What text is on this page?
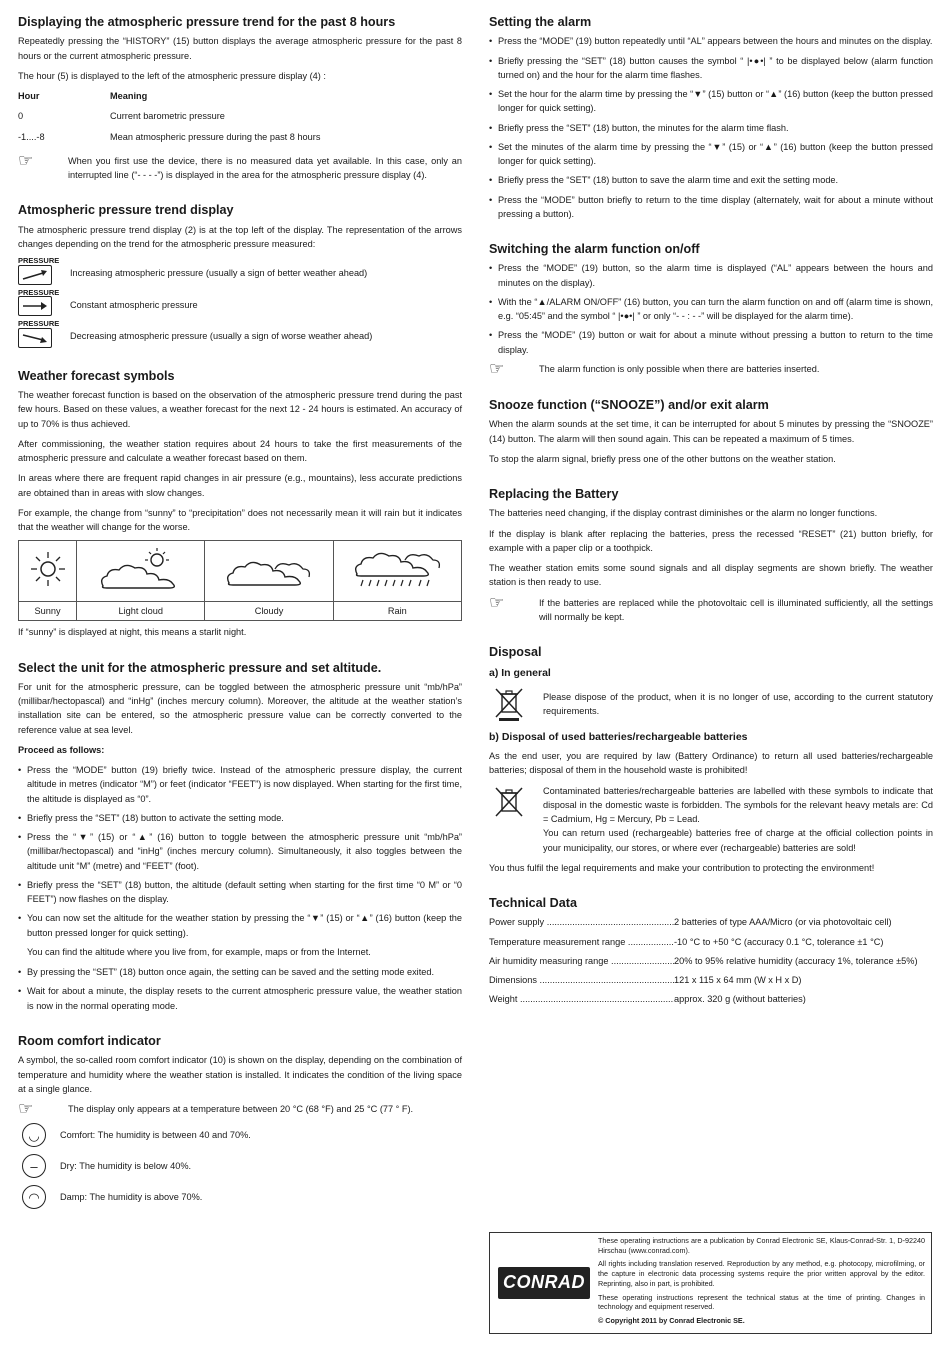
Displaying the atmospheric pressure trend for the past 8 hours

Repeatedly pressing the “HISTORY” (15) button displays the average atmospheric pressure for the past 8 hours or the current atmospheric pressure.

The hour (5) is displayed to the left of the atmospheric pressure display (4) :

Hour	Meaning
0	Current barometric pressure
-1....-8	Mean atmospheric pressure during the past 8 hours
☞	When you first use the device, there is no measured data yet available. In this case, only an interrupted line (“- - - -”) is displayed in the area for the atmospheric pressure display (4).

Atmospheric pressure trend display

The atmospheric pressure trend display (2) is at the top left of the display. The representation of the arrows changes depending on the trend for the atmospheric pressure measured:

PRESSURE
Increasing atmospheric pressure (usually a sign of better weather ahead)
PRESSURE
Constant atmospheric pressure
PRESSURE
Decreasing atmospheric pressure (usually a sign of worse weather ahead)
Weather forecast symbols

The weather forecast function is based on the observation of the atmospheric pressure trend during the past few hours. Based on these values, a weather forecast for the next 12 - 24 hours is estimated. An accuracy of up to 70% is thus achieved.

After commissioning, the weather station requires about 24 hours to take the first measurements of the atmospheric pressure and calculate a weather forecast based on them.

In areas where there are frequent rapid changes in air pressure (e.g., mountains), less accurate predictions are obtained than in areas with slow changes.

For example, the change from “sunny” to “precipitation” does not necessarily mean it will rain but it indicates that the weather will change for the worse.

Sunny	Light cloud	Cloudy	Rain

If “sunny” is displayed at night, this means a starlit night.

Select the unit for the atmospheric pressure and set altitude.

For unit for the atmospheric pressure, can be toggled between the atmospheric pressure unit “mb/hPa” (millibar/hectopascal) and “inHg” (inches mercury column). Moreover, the altitude at the weather station’s installation site can be entered, so the atmospheric pressure value can be correctly converted to the reference value at sea level.

Proceed as follows:

• Press the “MODE” button (19) briefly twice. Instead of the atmospheric pressure display, the current altitude in metres (indicator “M”) or feet (indicator “FEET”) is now displayed. When starting for the first time, the altitude is displayed as “0”.
• Briefly press the “SET” (18) button to activate the setting mode.
• Press the “▼” (15) or “▲” (16) button to toggle between the atmospheric pressure unit “mb/hPa” (millibar/hectopascal) and “inHg” (inches mercury column). Simultaneously, it also toggles between the altitude unit “M” (metre) and “FEET” (foot).
• Briefly press the “SET” (18) button, the altitude (default setting when starting for the first time “0 M” or “0 FEET”) now flashes on the display.
• You can now set the altitude for the weather station by pressing the “▼” (15) or “▲” (16) button (keep the button pressed longer for quick setting).

You can find the altitude where you live from, for example, maps or from the Internet.

• By pressing the “SET” (18) button once again, the setting can be saved and the setting mode exited.
• Wait for about a minute, the display resets to the current atmospheric pressure value, the weather station is now in the normal operating mode.
Room comfort indicator

A symbol, the so-called room comfort indicator (10) is shown on the display, depending on the combination of temperature and humidity where the weather station is installed. It indicates the condition of the living space at a single glance.

☞	The display only appears at a temperature between 20 °C (68 °F) and 25 °C (77 ° F).

◡	Comfort: The humidity is between 40 and 70%.
–	Dry: The humidity is below 40%.
◠	Damp: The humidity is above 70%.
Setting the alarm
• Press the “MODE” (19) button repeatedly until “AL” appears between the hours and minutes on the display.
• Briefly pressing the “SET” (18) button causes the symbol “ |•●•| ” to be displayed below (alarm function turned on) and the hour for the alarm time flashes.
• Set the hour for the alarm time by pressing the “▼” (15) button or “▲” (16) button (keep the button pressed longer for quick setting).
• Briefly press the “SET” (18) button, the minutes for the alarm time flash.
• Set the minutes of the alarm time by pressing the “▼” (15) or “▲” (16) button (keep the button pressed longer for quick setting).
• Briefly press the “SET” (18) button to save the alarm time and exit the setting mode.
• Press the “MODE” button briefly to return to the time display (alternately, wait for about a minute without pressing a button).
Switching the alarm function on/off
• Press the “MODE” (19) button, so the alarm time is displayed (“AL” appears between the hours and minutes on the display).
• With the “▲/ALARM ON/OFF” (16) button, you can turn the alarm function on and off (alarm time is shown, e.g. “05:45” and the symbol “ |•●•| ” or only “- - : - -” will be displayed for the alarm time).
• Press the “MODE” (19) button or wait for about a minute without pressing a button to return to the time display.
☞	The alarm function is only possible when there are batteries inserted.

Snooze function (“SNOOZE”) and/or exit alarm

When the alarm sounds at the set time, it can be interrupted for about 5 minutes by pressing the “SNOOZE” (14) button. The alarm will then sound again. This can be repeated a maximum of 5 times.

To stop the alarm signal, briefly press one of the other buttons on the weather station.

Replacing the Battery

The batteries need changing, if the display contrast diminishes or the alarm no longer functions.

If the display is blank after replacing the batteries, press the recessed “RESET” (21) button briefly, for example with a paper clip or a toothpick.

The weather station emits some sound signals and all display segments are shown briefly. The weather station is then ready to use.

☞	If the batteries are replaced while the photovoltaic cell is illuminated sufficiently, all the settings will normally be kept.

Disposal
a) In general

Please dispose of the product, when it is no longer of use, according to the current statutory requirements.

b) Disposal of used batteries/rechargeable batteries

As the end user, you are required by law (Battery Ordinance) to return all used batteries/rechargeable batteries; disposal of them in the household waste is prohibited!

Contaminated batteries/rechargeable batteries are labelled with these symbols to indicate that disposal in the domestic waste is forbidden. The symbols for the relevant heavy metals are: Cd = Cadmium, Hg = Mercury, Pb = Lead.

You can return used (rechargeable) batteries free of charge at the official collection points in your municipality, our stores, or where ever (rechargeable) batteries are sold!

You thus fulfil the legal requirements and make your contribution to protecting the environment!

Technical Data
Power supply .....	2 batteries of type AAA/Micro (or via photovoltaic cell)
Temperature measurement range .....	-10 °C to +50 °C (accuracy 0.1 °C, tolerance ±1 °C)
Air humidity measuring range .....	20% to 95% relative humidity (accuracy 1%, tolerance ±5%)
Dimensions .....	121 x 115 x 64 mm (W x H x D)
Weight .....	approx. 320 g (without batteries)
CONRAD

These operating instructions are a publication by Conrad Electronic SE, Klaus-Conrad-Str. 1, D-92240 Hirschau (www.conrad.com).

All rights including translation reserved. Reproduction by any method, e.g. photocopy, microfilming, or the capture in electronic data processing systems require the prior written approval by the editor. Reprinting, also in part, is prohibited.

These operating instructions represent the technical status at the time of printing. Changes in technology and equipment reserved.

© Copyright 2011 by Conrad Electronic SE.
